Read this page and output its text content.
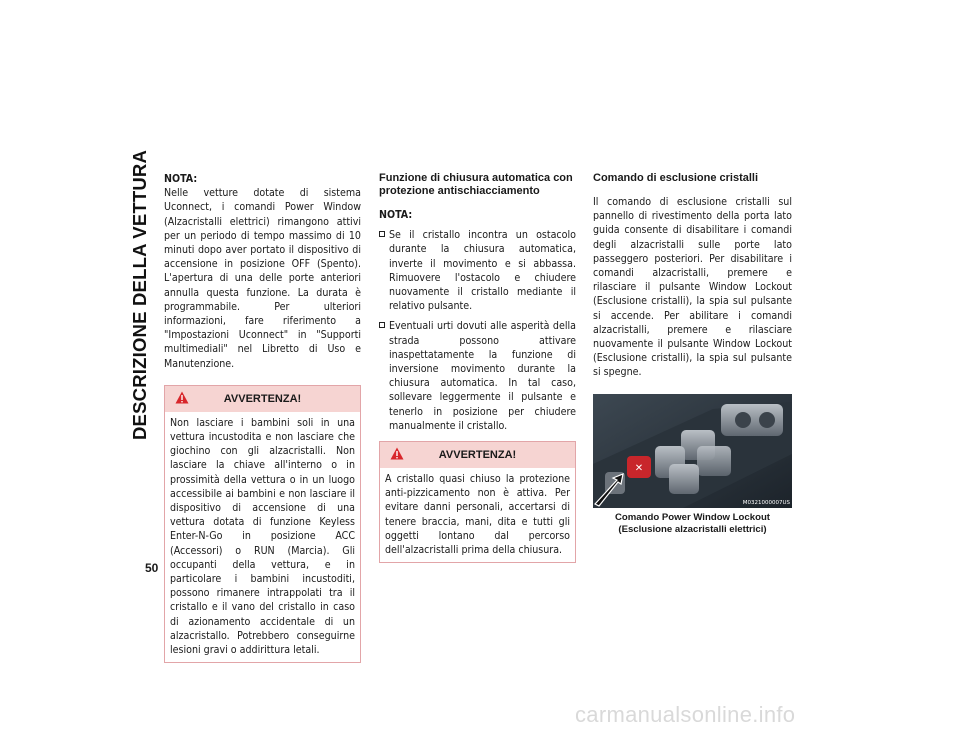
DESCRIZIONE DELLA VETTURA
50

NOTA:

Nelle vetture dotate di sistema Uconnect, i comandi Power Window (Alzacristalli elettrici) rimangono attivi per un periodo di tempo massimo di 10 minuti dopo aver portato il dispositivo di accensione in posizione OFF (Spento). L'apertura di una delle porte anteriori annulla questa funzione. La durata è programmabile. Per ulteriori informazioni, fare riferimento a "Impostazioni Uconnect" in "Supporti multimediali" nel Libretto di Uso e Manutenzione.

AVVERTENZA!

Non lasciare i bambini soli in una vettura incustodita e non lasciare che giochino con gli alzacristalli. Non lasciare la chiave all'interno o in prossimità della vettura o in un luogo accessibile ai bambini e non lasciare il dispositivo di accensione di una vettura dotata di funzione Keyless Enter-N-Go in posizione ACC (Accessori) o RUN (Marcia). Gli occupanti della vettura, e in particolare i bambini incustoditi, possono rimanere intrappolati tra il cristallo e il vano del cristallo in caso di azionamento accidentale di un alzacristallo. Potrebbero conseguirne lesioni gravi o addirittura letali.

Funzione di chiusura automatica con protezione antischiacciamento

NOTA:

Se il cristallo incontra un ostacolo durante la chiusura automatica, inverte il movimento e si abbassa. Rimuovere l'ostacolo e chiudere nuovamente il cristallo mediante il relativo pulsante.

Eventuali urti dovuti alle asperità della strada possono attivare inaspettatamente la funzione di inversione movimento durante la chiusura automatica. In tal caso, sollevare leggermente il pulsante e tenerlo in posizione per chiudere manualmente il cristallo.

AVVERTENZA!

A cristallo quasi chiuso la protezione anti-pizzicamento non è attiva. Per evitare danni personali, accertarsi di tenere braccia, mani, dita e tutti gli oggetti lontano dal percorso dell'alzacristalli prima della chiusura.

Comando di esclusione cristalli

Il comando di esclusione cristalli sul pannello di rivestimento della porta lato guida consente di disabilitare i comandi degli alzacristalli sulle porte lato passeggero posteriori. Per disabilitare i comandi alzacristalli, premere e rilasciare il pulsante Window Lockout (Esclusione cristalli), la spia sul pulsante si accende. Per abilitare i comandi alzacristalli, premere e rilasciare nuovamente il pulsante Window Lockout (Esclusione cristalli), la spia sul pulsante si spegne.

✕
M0321000007US
Comando Power Window Lockout (Esclusione alzacristalli elettrici)
carmanualsonline.info
